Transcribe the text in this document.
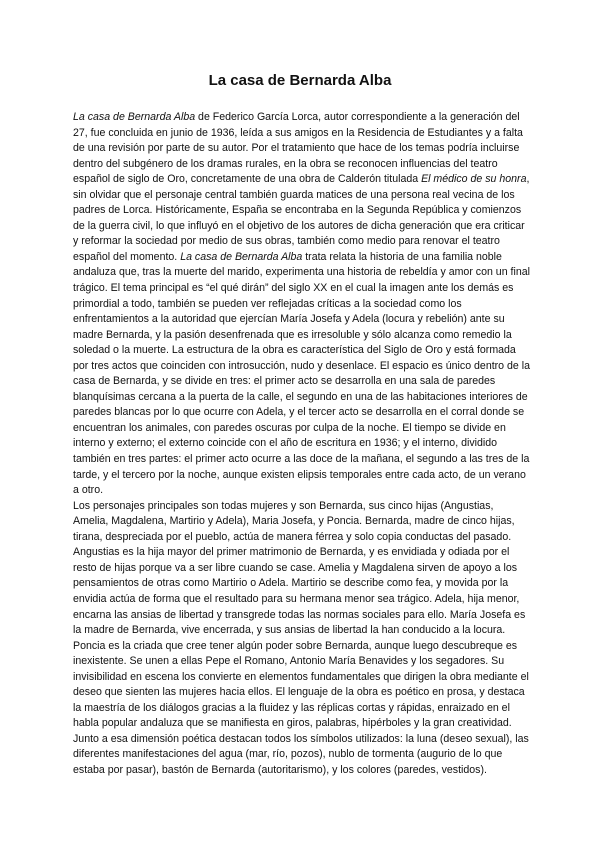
La casa de Bernarda Alba

La casa de Bernarda Alba de Federico García Lorca, autor correspondiente a la generación del 27, fue concluida en junio de 1936, leída a sus amigos en la Residencia de Estudiantes y a falta de una revisión por parte de su autor. Por el tratamiento que hace de los temas podría incluirse dentro del subgénero de los dramas rurales, en la obra se reconocen influencias del teatro español de siglo de Oro, concretamente de una obra de Calderón titulada El médico de su honra, sin olvidar que el personaje central también guarda matices de una persona real vecina de los padres de Lorca. Históricamente, España se encontraba en la Segunda República y comienzos de la guerra civil, lo que influyó en el objetivo de los autores de dicha generación que era criticar y reformar la sociedad por medio de sus obras, también como medio para renovar el teatro español del momento. La casa de Bernarda Alba trata relata la historia de una familia noble andaluza que, tras la muerte del marido, experimenta una historia de rebeldía y amor con un final trágico. El tema principal es “el qué dirán” del siglo XX en el cual la imagen ante los demás es primordial a todo, también se pueden ver reflejadas críticas a la sociedad como los enfrentamientos a la autoridad que ejercían María Josefa y Adela (locura y rebelión) ante su madre Bernarda, y la pasión desenfrenada que es irresoluble y sólo alcanza como remedio la soledad o la muerte. La estructura de la obra es característica del Siglo de Oro y está formada por tres actos que coinciden con introsucción, nudo y desenlace. El espacio es único dentro de la casa de Bernarda, y se divide en tres: el primer acto se desarrolla en una sala de paredes blanquísimas cercana a la puerta de la calle, el segundo en una de las habitaciones interiores de paredes blancas por lo que ocurre con Adela, y el tercer acto se desarrolla en el corral donde se encuentran los animales, con paredes oscuras por culpa de la noche. El tiempo se divide en interno y externo; el externo coincide con el año de escritura en 1936; y el interno, dividido también en tres partes: el primer acto ocurre a las doce de la mañana, el segundo a las tres de la tarde, y el tercero por la noche, aunque existen elipsis temporales entre cada acto, de un verano a otro.

Los personajes principales son todas mujeres y son Bernarda, sus cinco hijas (Angustias, Amelia, Magdalena, Martirio y Adela), Maria Josefa, y Poncia. Bernarda, madre de cinco hijas, tirana, despreciada por el pueblo, actúa de manera férrea y solo copia conductas del pasado. Angustias es la hija mayor del primer matrimonio de Bernarda, y es envidiada y odiada por el resto de hijas porque va a ser libre cuando se case. Amelia y Magdalena sirven de apoyo a los pensamientos de otras como Martirio o Adela. Martirio se describe como fea, y movida por la envidia actúa de forma que el resultado para su hermana menor sea trágico. Adela, hija menor, encarna las ansias de libertad y transgrede todas las normas sociales para ello. María Josefa es la madre de Bernarda, vive encerrada, y sus ansias de libertad la han conducido a la locura. Poncia es la criada que cree tener algún poder sobre Bernarda, aunque luego descubreque es inexistente. Se unen a ellas Pepe el Romano, Antonio María Benavides y los segadores. Su invisibilidad en escena los convierte en elementos fundamentales que dirigen la obra mediante el deseo que sienten las mujeres hacia ellos. El lenguaje de la obra es poético en prosa, y destaca la maestría de los diálogos gracias a la fluidez y las réplicas cortas y rápidas, enraizado en el habla popular andaluza que se manifiesta en giros, palabras, hipérboles y la gran creatividad. Junto a esa dimensión poética destacan todos los símbolos utilizados: la luna (deseo sexual), las diferentes manifestaciones del agua (mar, río, pozos), nublo de tormenta (augurio de lo que estaba por pasar), bastón de Bernarda (autoritarismo), y los colores (paredes, vestidos).
